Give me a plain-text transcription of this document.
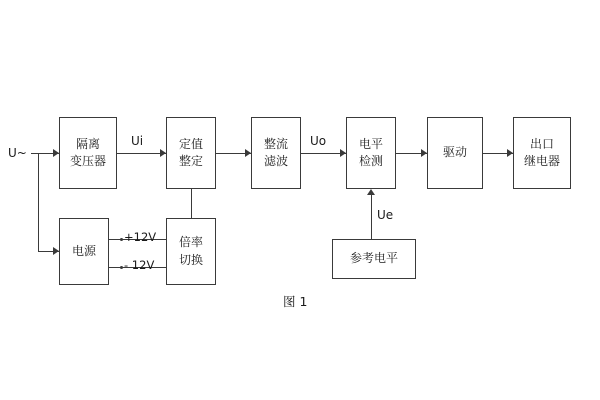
隔离
变压器
定值
整定
整流
滤波
电平
检测
驱动
出口
继电器
电源
倍率
切换	参考电平
U~
Ui	Uo
+12V
- 12V
Ue
图 1
